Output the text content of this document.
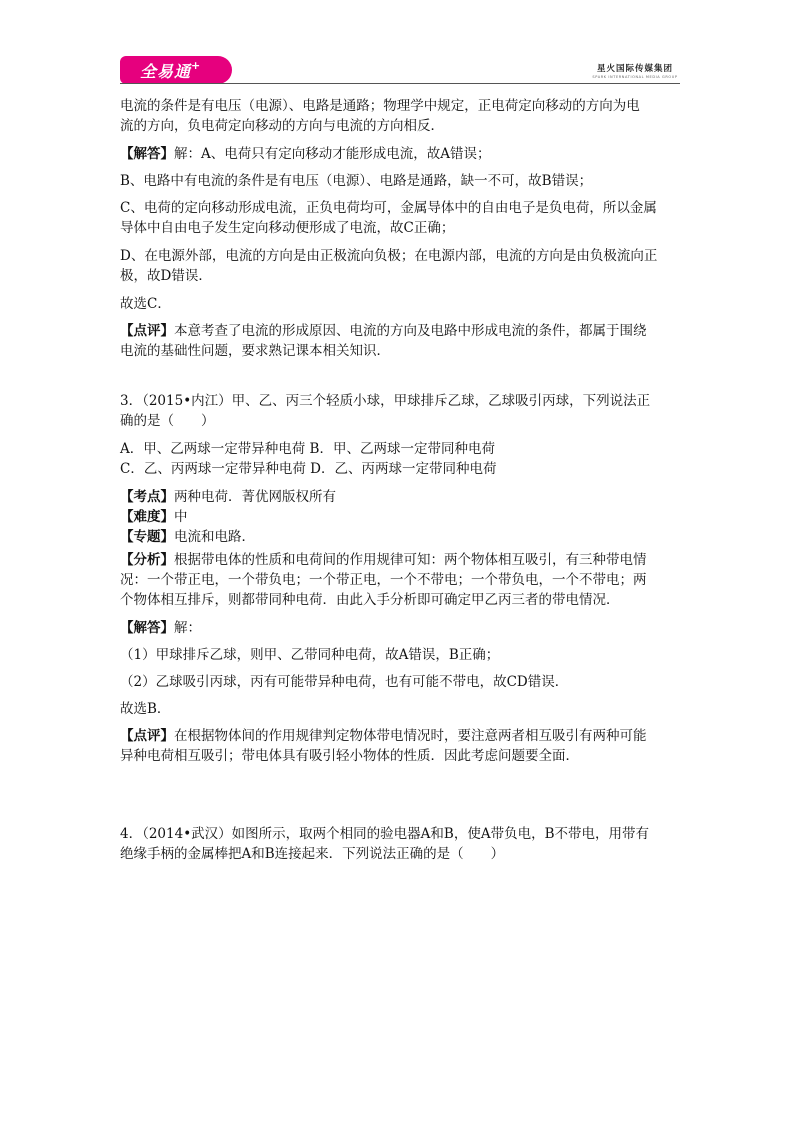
全易通+	星火国际传媒集团
SPARK INTERNATIONAL MEDIA GROUP
电流的条件是有电压（电源）、电路是通路；物理学中规定，正电荷定向移动的方向为电
流的方向，负电荷定向移动的方向与电流的方向相反．
【解答】解：A、电荷只有定向移动才能形成电流，故A错误；
B、电路中有电流的条件是有电压（电源）、电路是通路，缺一不可，故B错误；
C、电荷的定向移动形成电流，正负电荷均可，金属导体中的自由电子是负电荷，所以金属
导体中自由电子发生定向移动便形成了电流，故C正确；
D、在电源外部，电流的方向是由正极流向负极；在电源内部，电流的方向是由负极流向正
极，故D错误．
故选C．
【点评】本意考查了电流的形成原因、电流的方向及电路中形成电流的条件，都属于围绕
电流的基础性问题，要求熟记课本相关知识．
3．（2015•内江）甲、乙、丙三个轻质小球，甲球排斥乙球，乙球吸引丙球，下列说法正
确的是（　　）
A．甲、乙两球一定带异种电荷 B．甲、乙两球一定带同种电荷
C．乙、丙两球一定带异种电荷 D．乙、丙两球一定带同种电荷
【考点】两种电荷．菁优网版权所有
【难度】中
【专题】电流和电路．
【分析】根据带电体的性质和电荷间的作用规律可知：两个物体相互吸引，有三种带电情
况：一个带正电，一个带负电；一个带正电，一个不带电；一个带负电，一个不带电；两
个物体相互排斥，则都带同种电荷．由此入手分析即可确定甲乙丙三者的带电情况．
【解答】解：
（1）甲球排斥乙球，则甲、乙带同种电荷，故A错误，B正确；
（2）乙球吸引丙球，丙有可能带异种电荷，也有可能不带电，故CD错误．
故选B．
【点评】在根据物体间的作用规律判定物体带电情况时，要注意两者相互吸引有两种可能
异种电荷相互吸引；带电体具有吸引轻小物体的性质．因此考虑问题要全面．
4．（2014•武汉）如图所示，取两个相同的验电器A和B，使A带负电，B不带电，用带有
绝缘手柄的金属棒把A和B连接起来．下列说法正确的是（　　）
